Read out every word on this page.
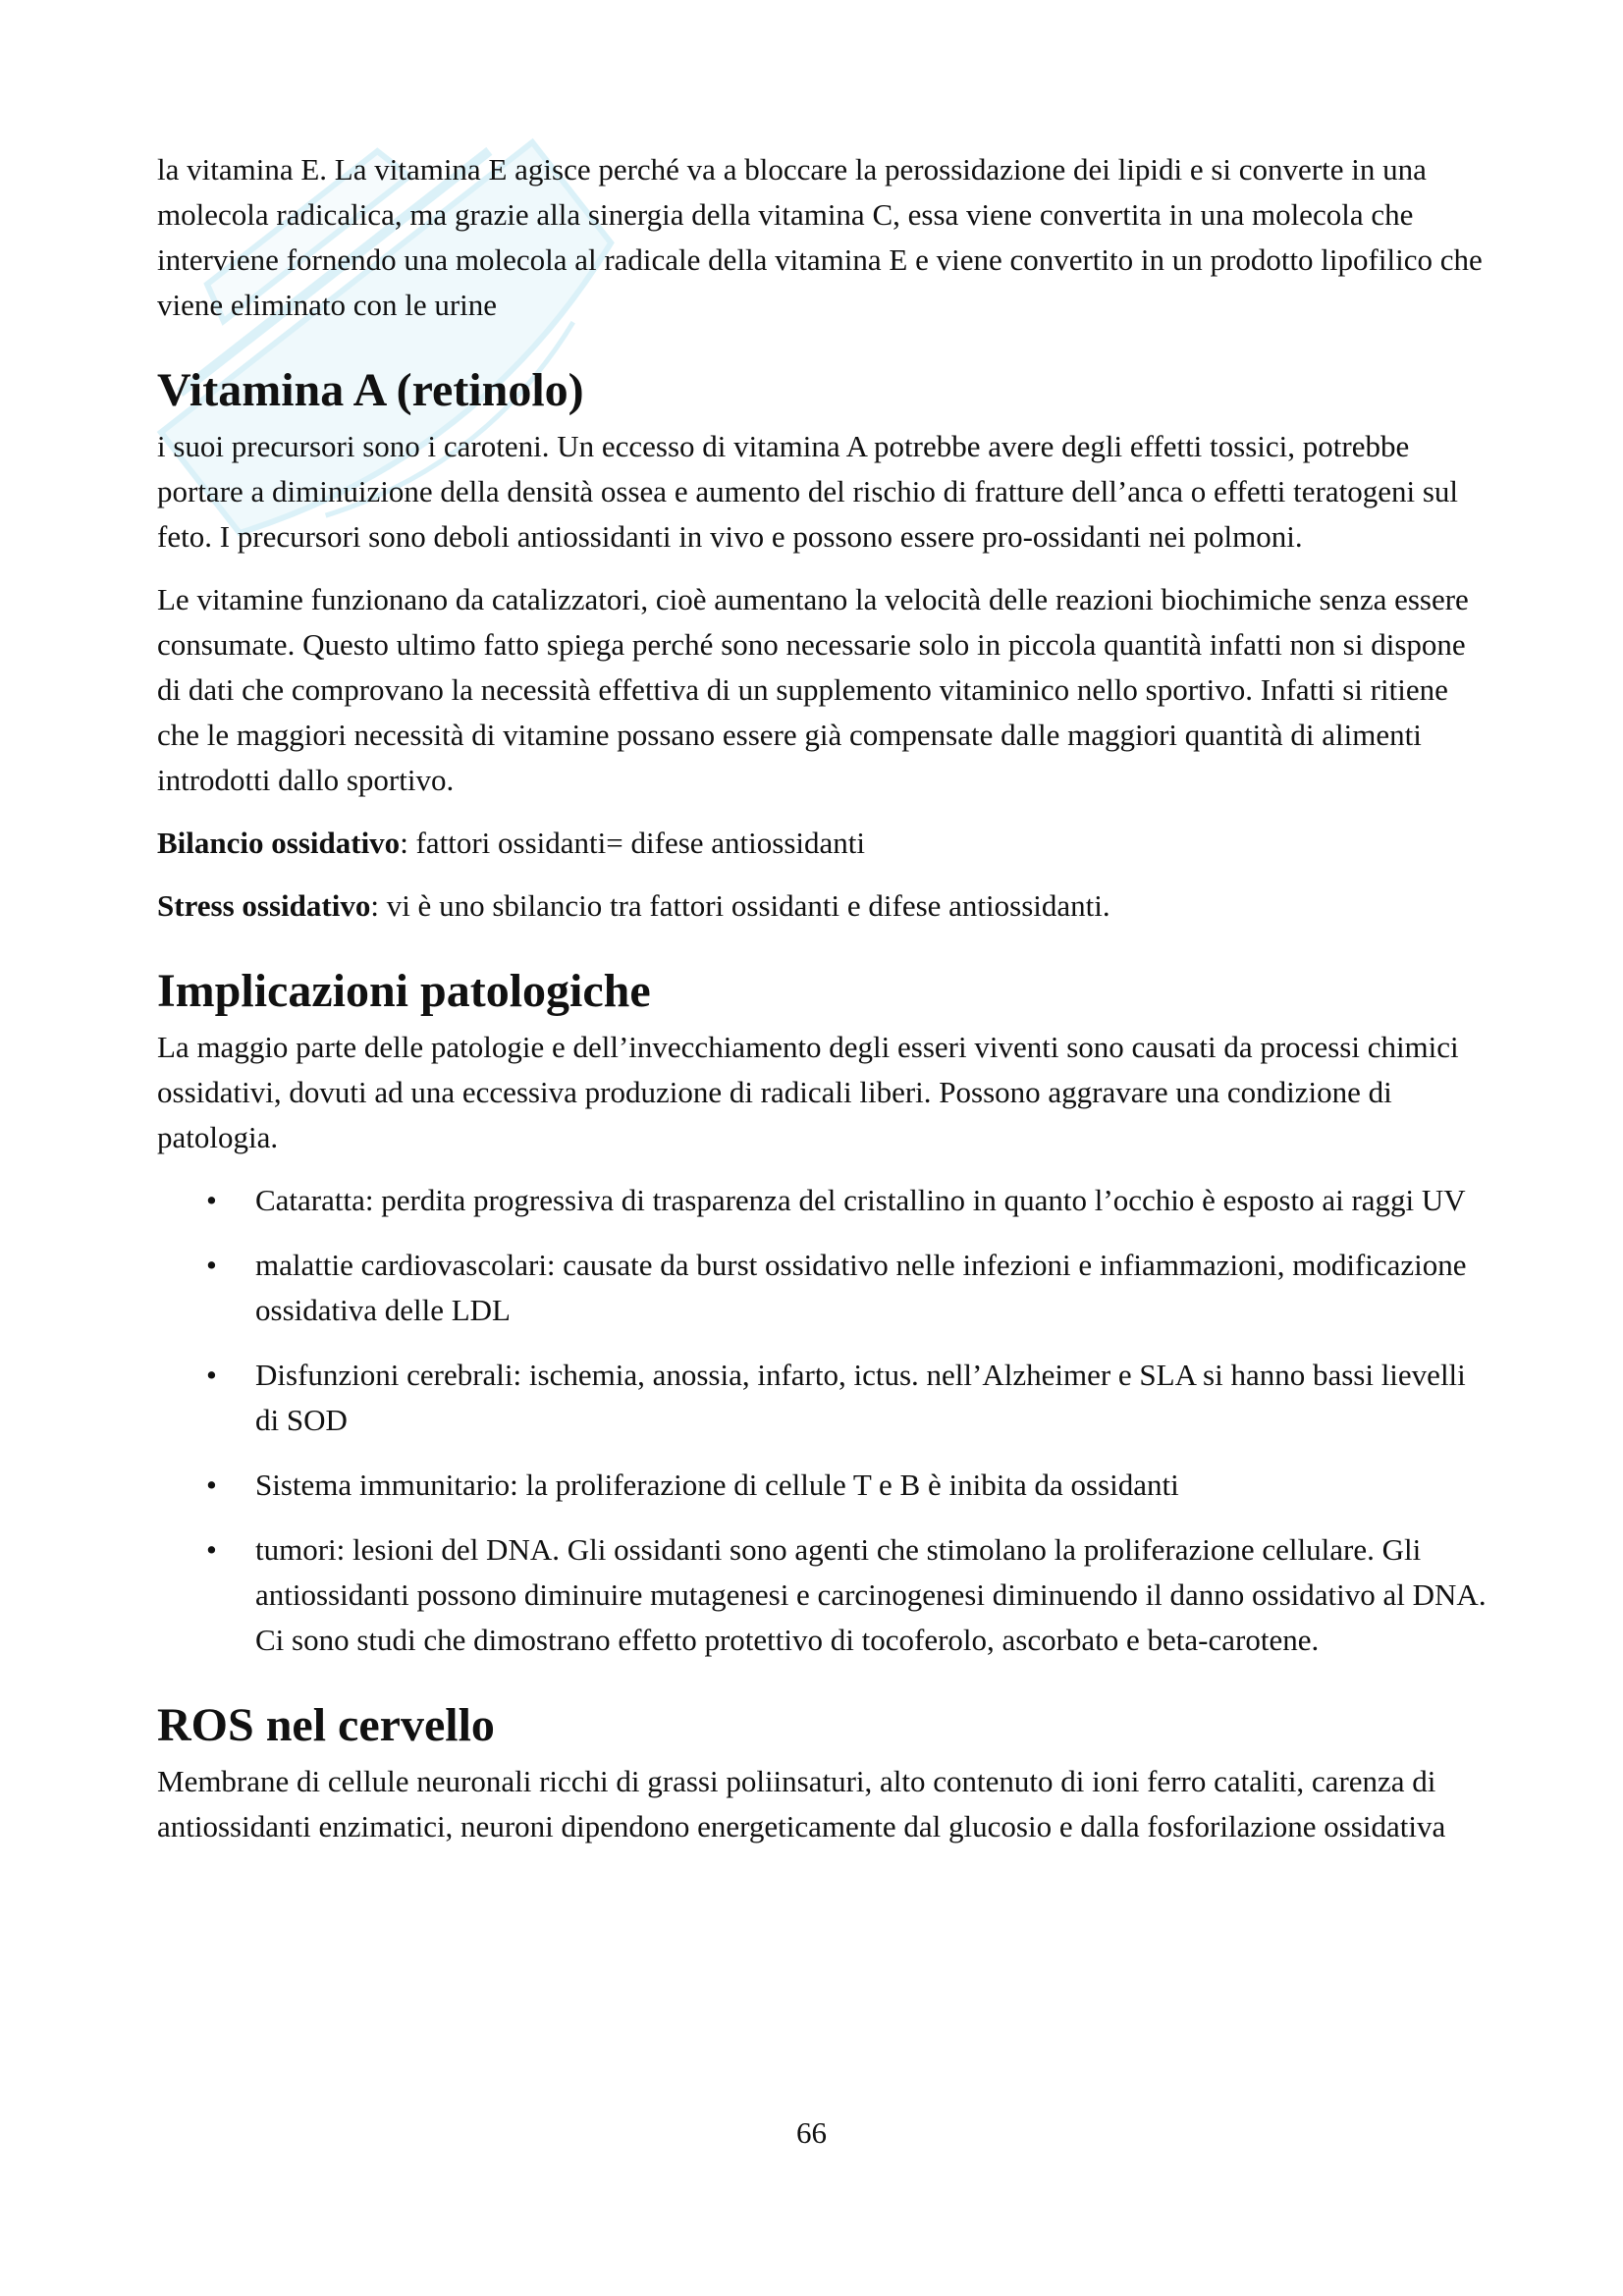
la vitamina E. La vitamina E agisce perché va a bloccare la perossidazione dei lipidi e si converte in una molecola radicalica, ma grazie alla sinergia della vitamina C, essa viene convertita in una molecola che interviene fornendo una molecola al radicale della vitamina E e viene convertito in un prodotto lipofilico che viene eliminato con le urine

Vitamina A (retinolo)

i suoi precursori sono i caroteni. Un eccesso di vitamina A potrebbe avere degli effetti tossici, potrebbe portare a diminuizione della densità ossea e aumento del rischio di fratture dell’anca o effetti teratogeni sul feto. I precursori sono deboli antiossidanti in vivo e possono essere pro-ossidanti nei polmoni.

Le vitamine funzionano da catalizzatori, cioè aumentano la velocità delle reazioni biochimiche senza essere consumate. Questo ultimo fatto spiega perché sono necessarie solo in piccola quantità infatti non si dispone di dati che comprovano la necessità effettiva di un supplemento vitaminico nello sportivo. Infatti si ritiene che le maggiori necessità di vitamine possano essere già compensate dalle maggiori quantità di alimenti introdotti dallo sportivo.

Bilancio ossidativo: fattori ossidanti= difese antiossidanti

Stress ossidativo: vi è uno sbilancio tra fattori ossidanti e difese antiossidanti.

Implicazioni patologiche

La maggio parte delle patologie e dell’invecchiamento degli esseri viventi sono causati da processi chimici ossidativi, dovuti ad una eccessiva produzione di radicali liberi. Possono aggravare una condizione di patologia.

• Cataratta: perdita progressiva di trasparenza del cristallino in quanto l’occhio è esposto ai raggi UV
• malattie cardiovascolari: causate da burst ossidativo nelle infezioni e infiammazioni, modificazione ossidativa delle LDL
• Disfunzioni cerebrali: ischemia, anossia, infarto, ictus. nell’Alzheimer e SLA si hanno bassi lievelli di SOD
• Sistema immunitario: la proliferazione di cellule T e B è inibita da ossidanti
• tumori: lesioni del DNA. Gli ossidanti sono agenti che stimolano la proliferazione cellulare. Gli antiossidanti possono diminuire mutagenesi e carcinogenesi diminuendo il danno ossidativo al DNA. Ci sono studi che dimostrano effetto protettivo di tocoferolo, ascorbato e beta-carotene.
ROS nel cervello

Membrane di cellule neuronali ricchi di grassi poliinsaturi, alto contenuto di ioni ferro cataliti, carenza di antiossidanti enzimatici, neuroni dipendono energeticamente dal glucosio e dalla fosforilazione ossidativa

66
